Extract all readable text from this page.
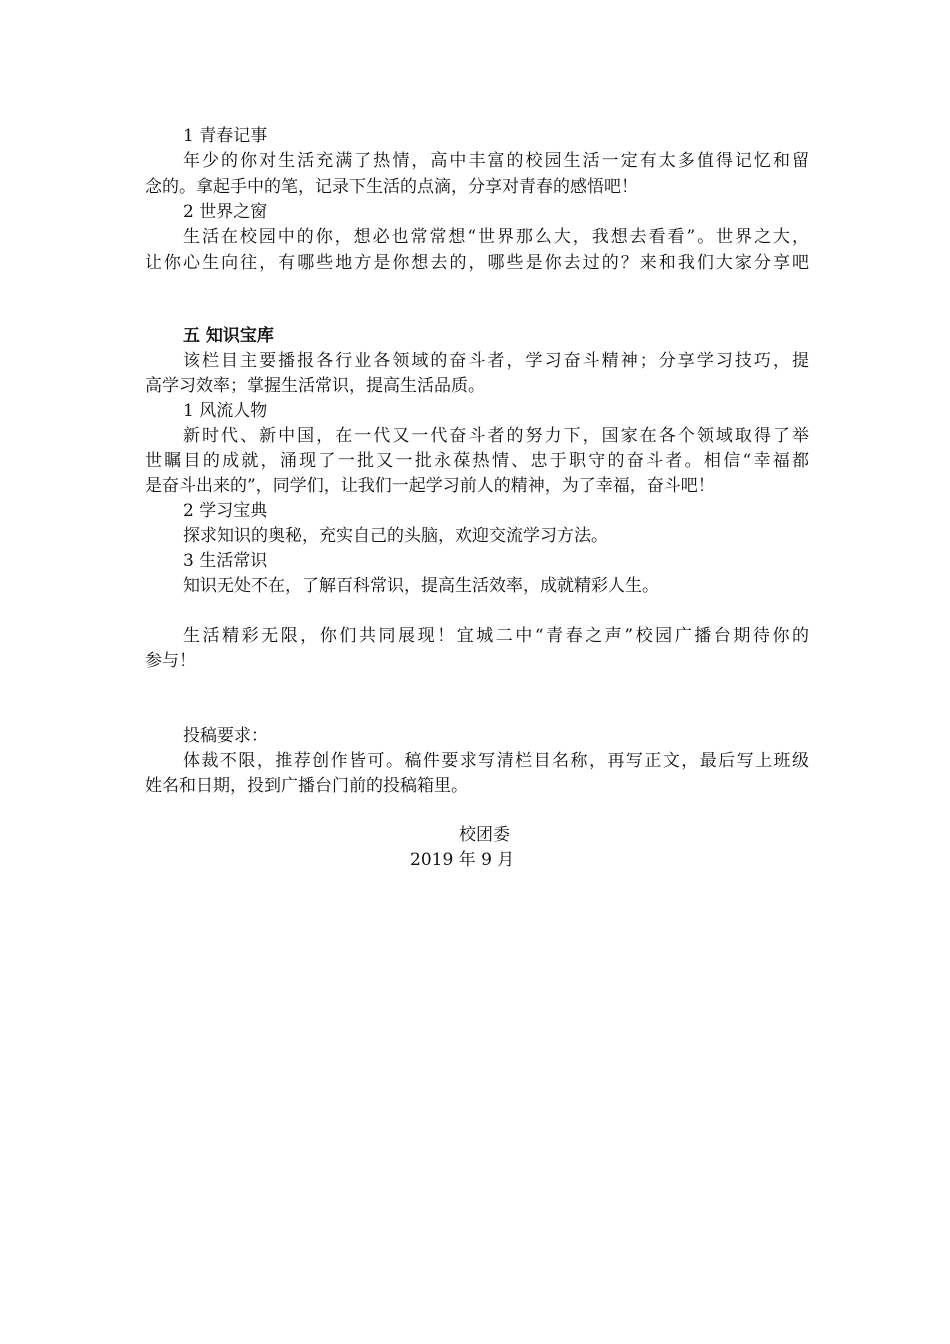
1 青春记事
年少的你对生活充满了热情，高中丰富的校园生活一定有太多值得记忆和留
念的。拿起手中的笔，记录下生活的点滴，分享对青春的感悟吧！
2 世界之窗
生活在校园中的你，想必也常常想“世界那么大，我想去看看”。世界之大，
让你心生向往，有哪些地方是你想去的，哪些是你去过的？来和我们大家分享吧
五 知识宝库
该栏目主要播报各行业各领域的奋斗者，学习奋斗精神；分享学习技巧，提
高学习效率；掌握生活常识，提高生活品质。
1 风流人物
新时代、新中国，在一代又一代奋斗者的努力下，国家在各个领域取得了举
世瞩目的成就，涌现了一批又一批永葆热情、忠于职守的奋斗者。相信“幸福都
是奋斗出来的”，同学们，让我们一起学习前人的精神，为了幸福，奋斗吧！
2 学习宝典
探求知识的奥秘，充实自己的头脑，欢迎交流学习方法。
3 生活常识
知识无处不在，了解百科常识，提高生活效率，成就精彩人生。
生活精彩无限，你们共同展现！宜城二中“青春之声”校园广播台期待你的
参与！
投稿要求：
体裁不限，推荐创作皆可。稿件要求写清栏目名称，再写正文，最后写上班级
姓名和日期，投到广播台门前的投稿箱里。
校团委
2019 年 9 月
